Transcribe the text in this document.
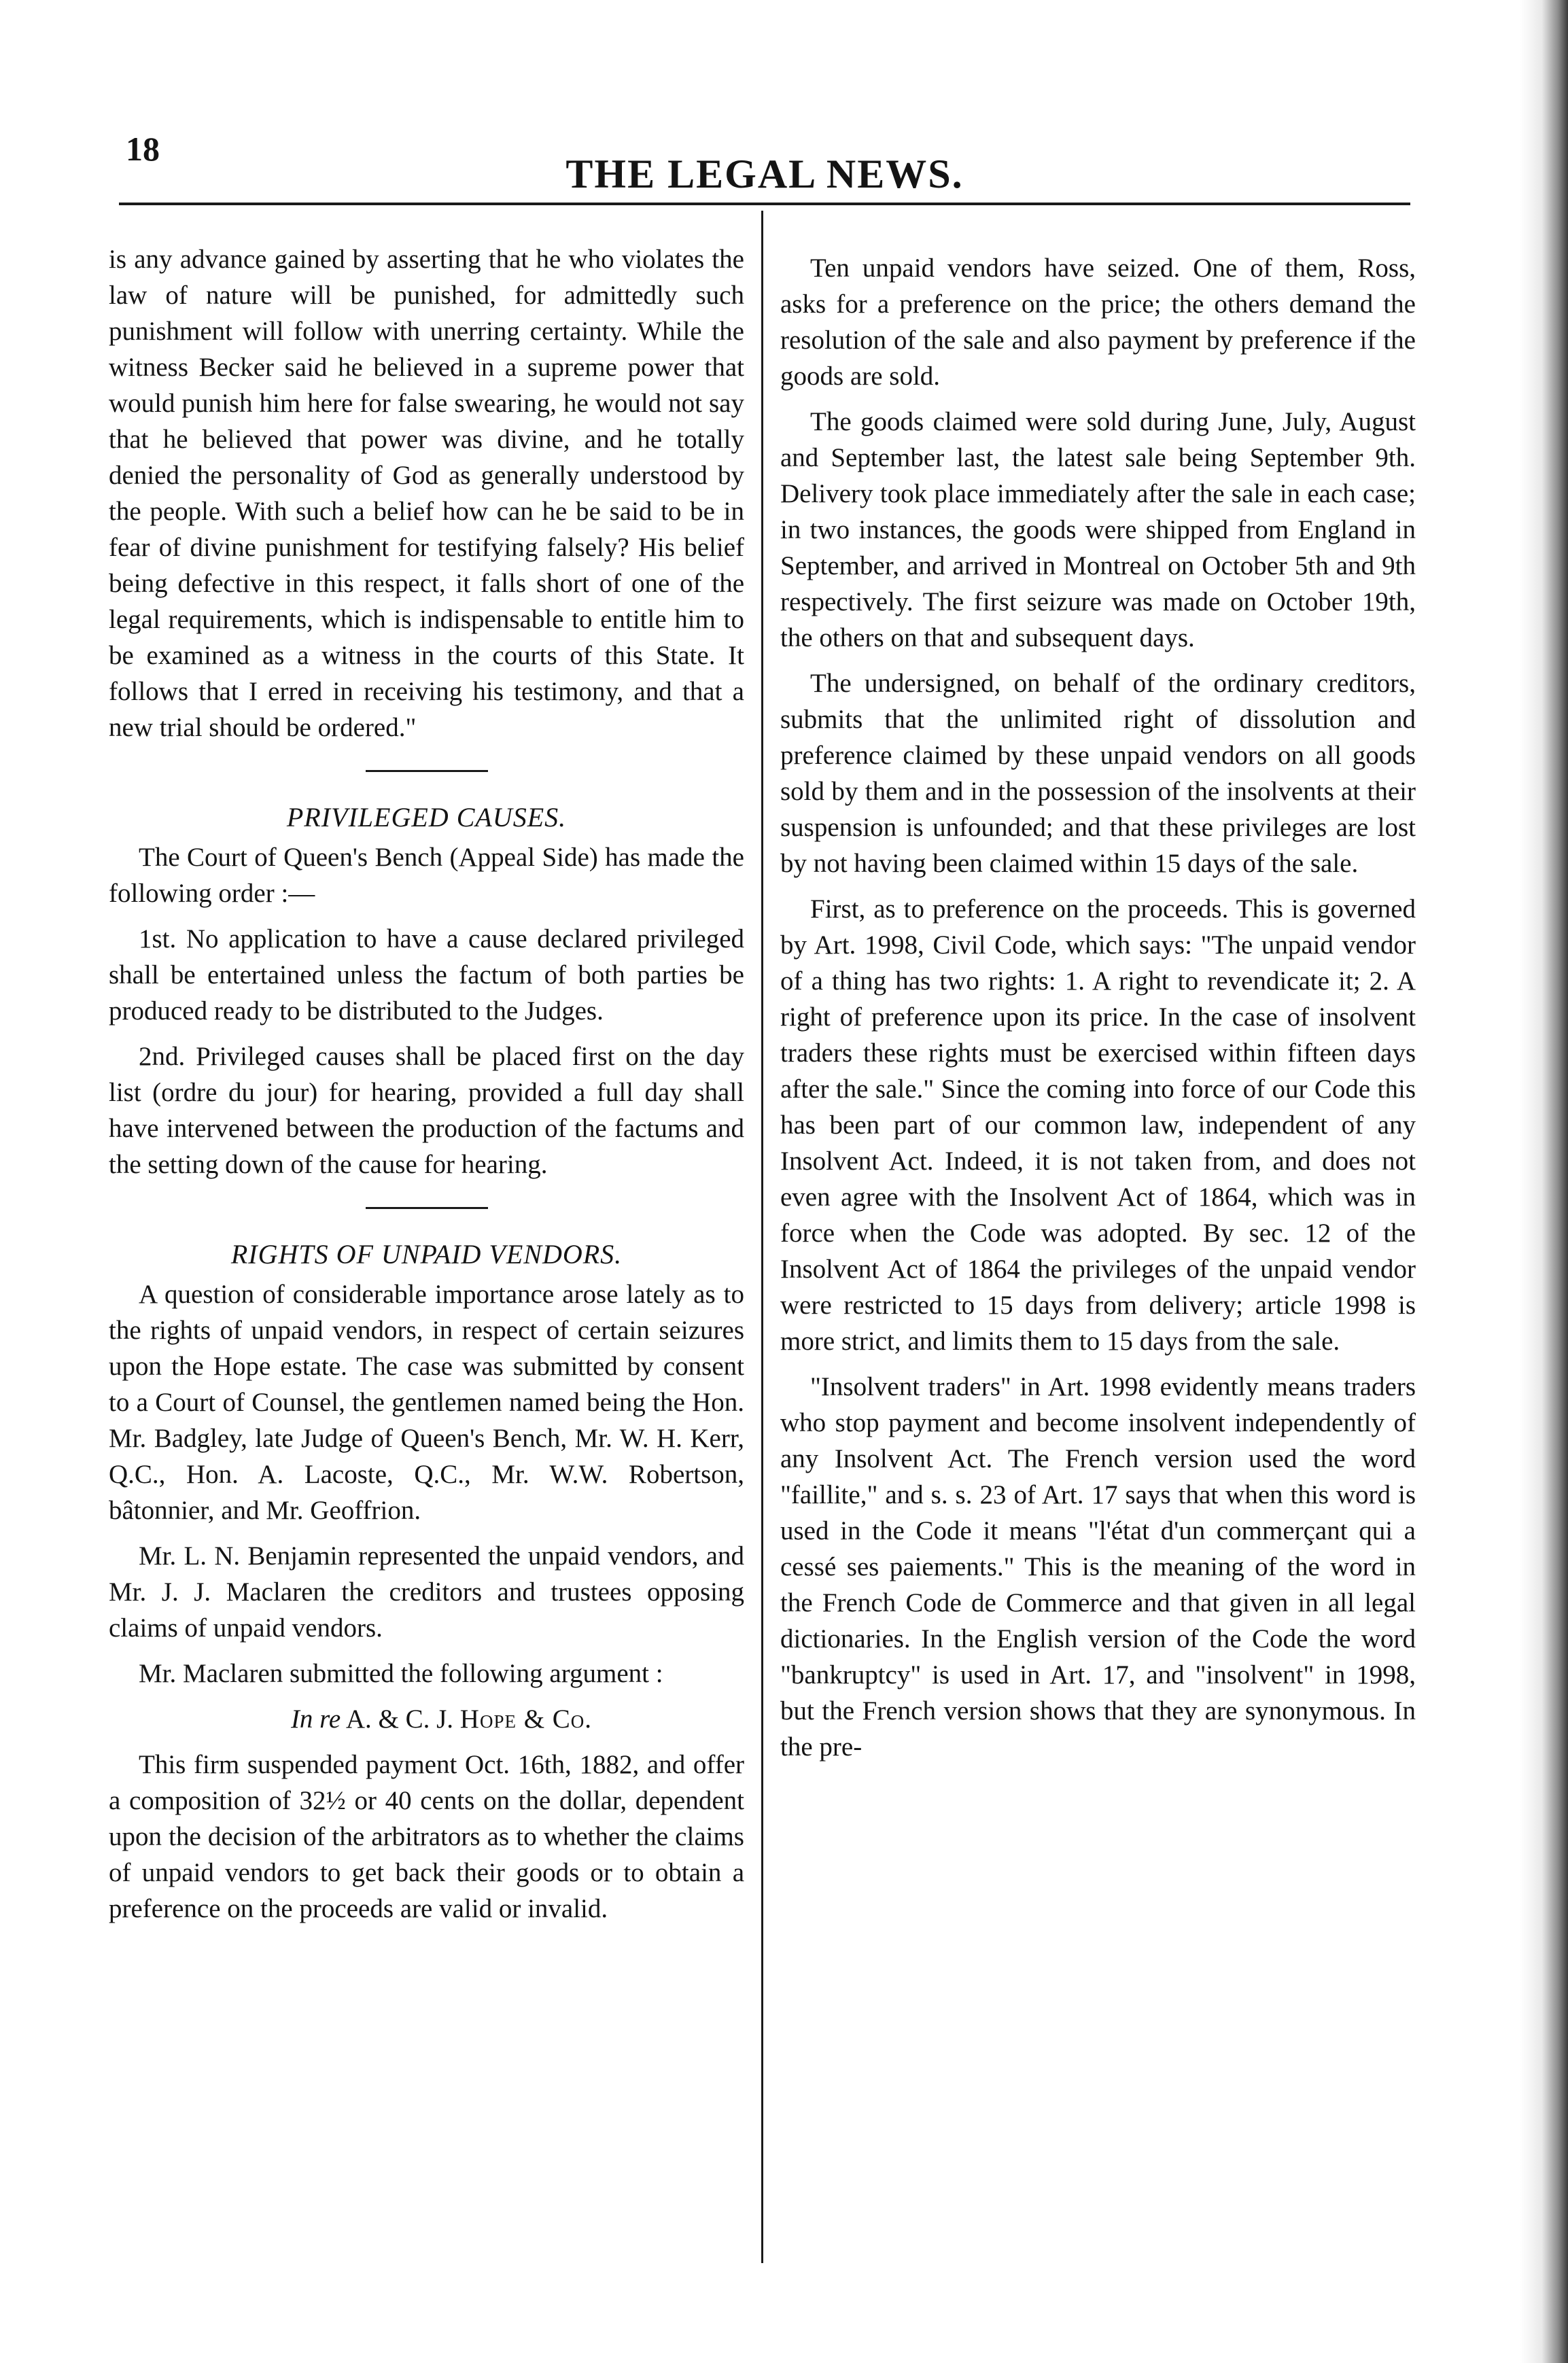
18
THE LEGAL NEWS.

is any advance gained by asserting that he who violates the law of nature will be punished, for admittedly such punishment will follow with unerring certainty. While the witness Becker said he believed in a supreme power that would punish him here for false swearing, he would not say that he believed that power was divine, and he totally denied the personality of God as generally understood by the people. With such a belief how can he be said to be in fear of divine punishment for testifying falsely? His belief being defective in this respect, it falls short of one of the legal requirements, which is indispensable to entitle him to be examined as a witness in the courts of this State. It follows that I erred in receiving his testimony, and that a new trial should be ordered."

PRIVILEGED CAUSES.

The Court of Queen's Bench (Appeal Side) has made the following order :—

1st. No application to have a cause declared privileged shall be entertained unless the factum of both parties be produced ready to be distributed to the Judges.

2nd. Privileged causes shall be placed first on the day list (ordre du jour) for hearing, provided a full day shall have intervened between the production of the factums and the setting down of the cause for hearing.

RIGHTS OF UNPAID VENDORS.

A question of considerable importance arose lately as to the rights of unpaid vendors, in respect of certain seizures upon the Hope estate. The case was submitted by consent to a Court of Counsel, the gentlemen named being the Hon. Mr. Badgley, late Judge of Queen's Bench, Mr. W. H. Kerr, Q.C., Hon. A. Lacoste, Q.C., Mr. W.W. Robertson, bâtonnier, and Mr. Geoffrion.

Mr. L. N. Benjamin represented the unpaid vendors, and Mr. J. J. Maclaren the creditors and trustees opposing claims of unpaid vendors.

Mr. Maclaren submitted the following argument :

In re A. & C. J. Hope & Co.

This firm suspended payment Oct. 16th, 1882, and offer a composition of 32½ or 40 cents on the dollar, dependent upon the decision of the arbitrators as to whether the claims of unpaid vendors to get back their goods or to obtain a preference on the proceeds are valid or invalid.

Ten unpaid vendors have seized. One of them, Ross, asks for a preference on the price; the others demand the resolution of the sale and also payment by preference if the goods are sold.

The goods claimed were sold during June, July, August and September last, the latest sale being September 9th. Delivery took place immediately after the sale in each case; in two instances, the goods were shipped from England in September, and arrived in Montreal on October 5th and 9th respectively. The first seizure was made on October 19th, the others on that and subsequent days.

The undersigned, on behalf of the ordinary creditors, submits that the unlimited right of dissolution and preference claimed by these unpaid vendors on all goods sold by them and in the possession of the insolvents at their suspension is unfounded; and that these privileges are lost by not having been claimed within 15 days of the sale.

First, as to preference on the proceeds. This is governed by Art. 1998, Civil Code, which says: "The unpaid vendor of a thing has two rights: 1. A right to revendicate it; 2. A right of preference upon its price. In the case of insolvent traders these rights must be exercised within fifteen days after the sale." Since the coming into force of our Code this has been part of our common law, independent of any Insolvent Act. Indeed, it is not taken from, and does not even agree with the Insolvent Act of 1864, which was in force when the Code was adopted. By sec. 12 of the Insolvent Act of 1864 the privileges of the unpaid vendor were restricted to 15 days from delivery; article 1998 is more strict, and limits them to 15 days from the sale.

"Insolvent traders" in Art. 1998 evidently means traders who stop payment and become insolvent independently of any Insolvent Act. The French version used the word "faillite," and s. s. 23 of Art. 17 says that when this word is used in the Code it means "l'état d'un commerçant qui a cessé ses paiements." This is the meaning of the word in the French Code de Commerce and that given in all legal dictionaries. In the English version of the Code the word "bankruptcy" is used in Art. 17, and "insolvent" in 1998, but the French version shows that they are synonymous. In the pre-
